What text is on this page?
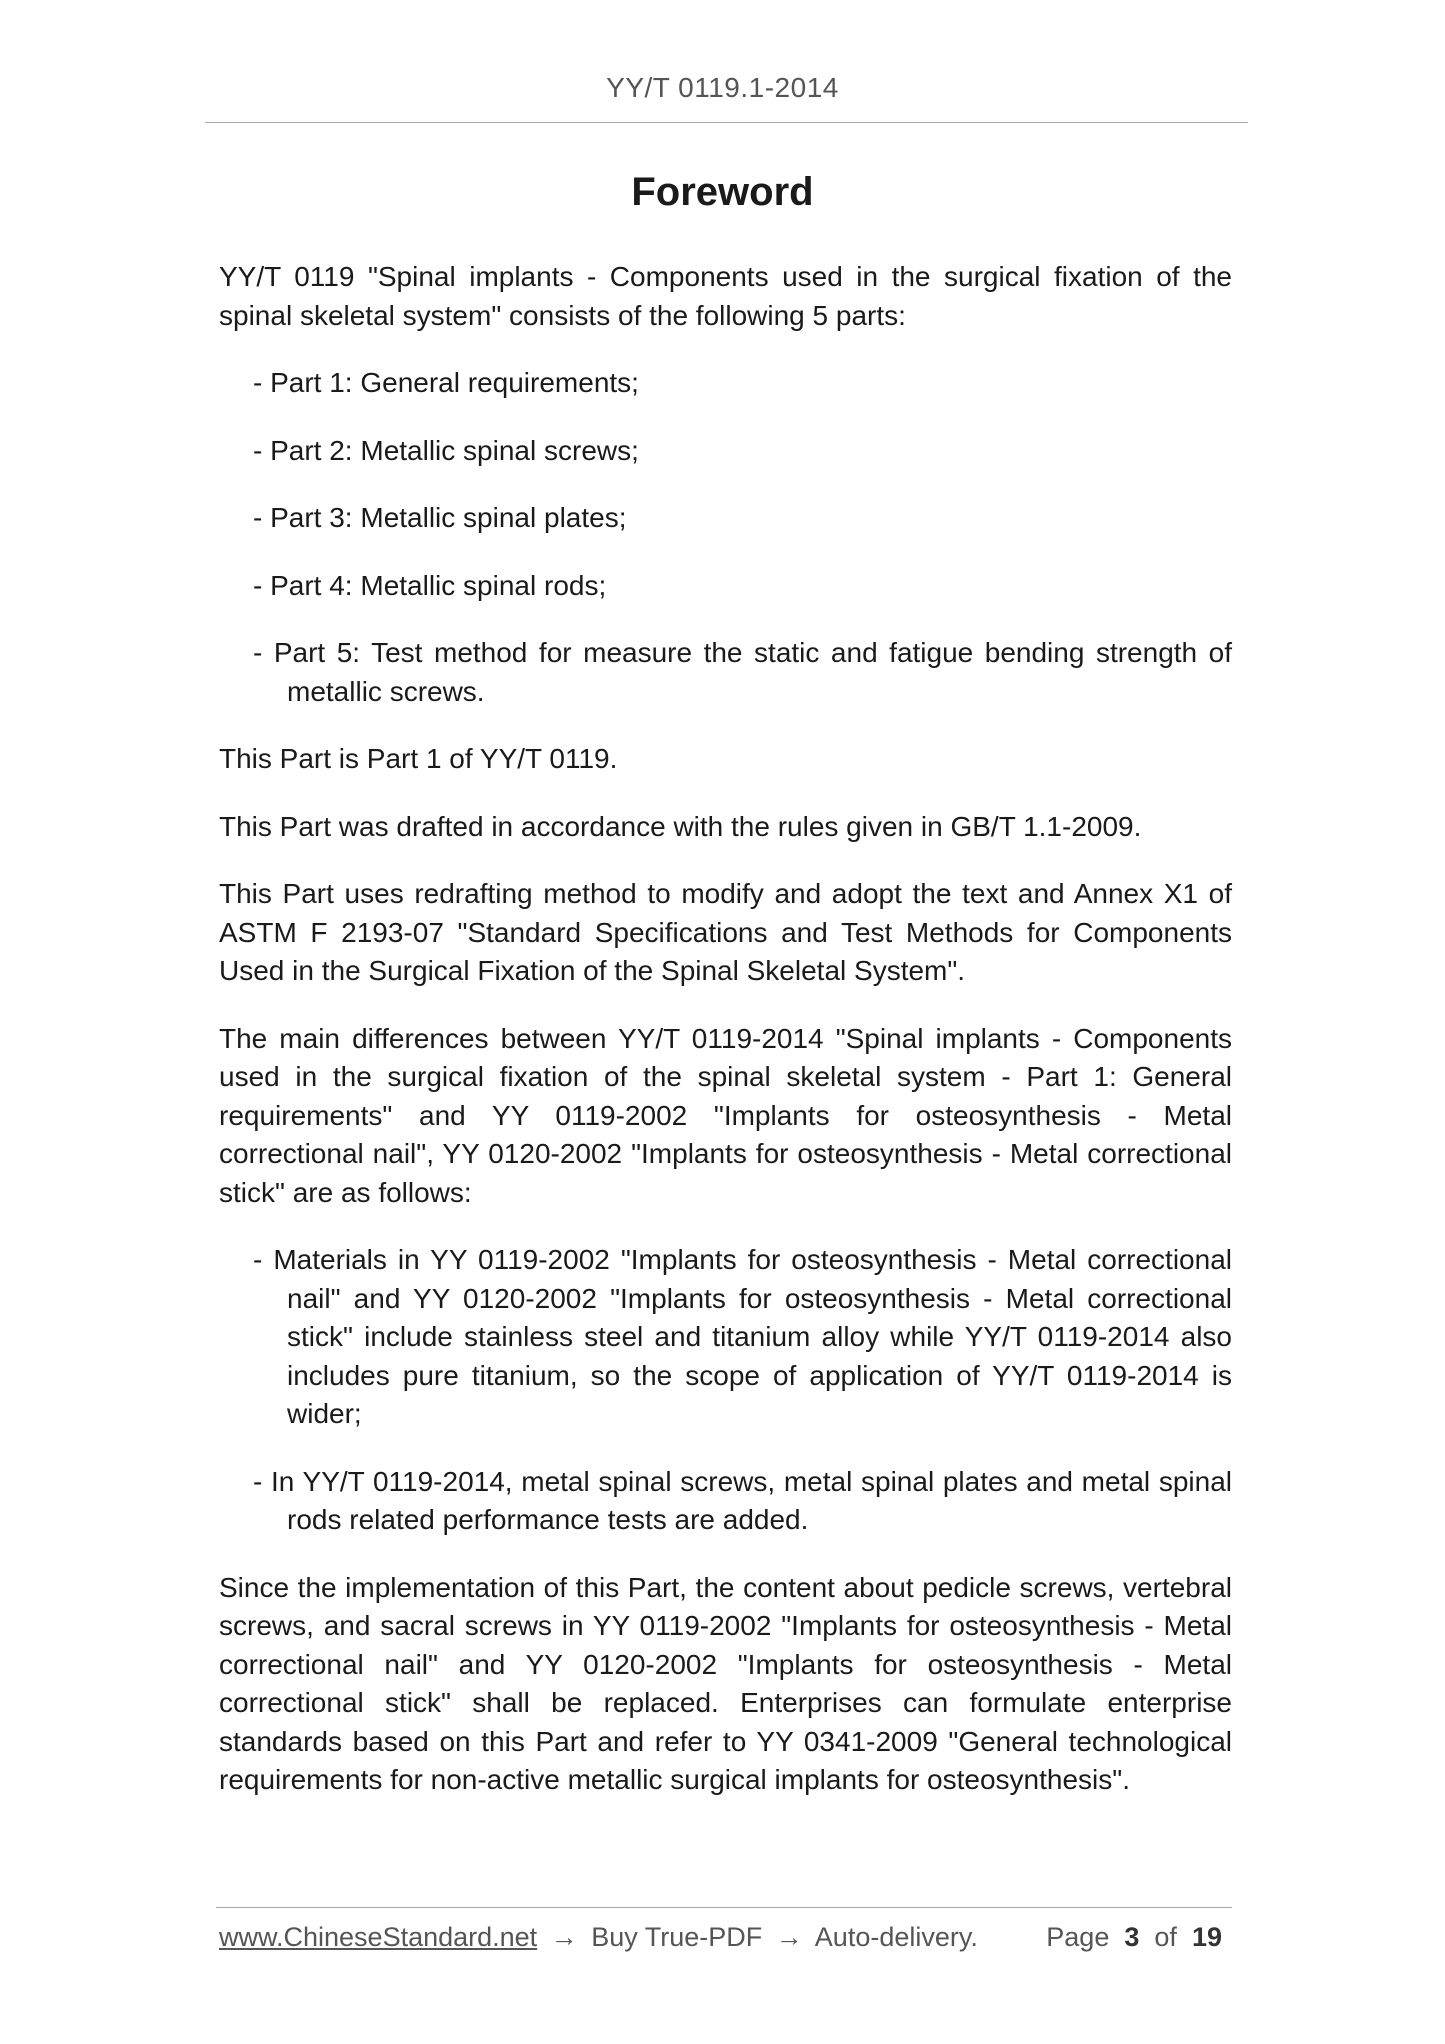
YY/T 0119.1-2014
Foreword

YY/T 0119 "Spinal implants - Components used in the surgical fixation of the spinal skeletal system" consists of the following 5 parts:

- Part 1: General requirements;

- Part 2: Metallic spinal screws;

- Part 3: Metallic spinal plates;

- Part 4: Metallic spinal rods;

- Part 5: Test method for measure the static and fatigue bending strength of metallic screws.

This Part is Part 1 of YY/T 0119.

This Part was drafted in accordance with the rules given in GB/T 1.1-2009.

This Part uses redrafting method to modify and adopt the text and Annex X1 of ASTM F 2193-07 "Standard Specifications and Test Methods for Components Used in the Surgical Fixation of the Spinal Skeletal System".

The main differences between YY/T 0119-2014 "Spinal implants - Components used in the surgical fixation of the spinal skeletal system - Part 1: General requirements" and YY 0119-2002 "Implants for osteosynthesis - Metal correctional nail", YY 0120-2002 "Implants for osteosynthesis - Metal correctional stick" are as follows:

- Materials in YY 0119-2002 "Implants for osteosynthesis - Metal correctional nail" and YY 0120-2002 "Implants for osteosynthesis - Metal correctional stick" include stainless steel and titanium alloy while YY/T 0119-2014 also includes pure titanium, so the scope of application of YY/T 0119-2014 is wider;

- In YY/T 0119-2014, metal spinal screws, metal spinal plates and metal spinal rods related performance tests are added.

Since the implementation of this Part, the content about pedicle screws, vertebral screws, and sacral screws in YY 0119-2002 "Implants for osteosynthesis - Metal correctional nail" and YY 0120-2002 "Implants for osteosynthesis - Metal correctional stick" shall be replaced. Enterprises can formulate enterprise standards based on this Part and refer to YY 0341-2009 "General technological requirements for non-active metallic surgical implants for osteosynthesis".

www.ChineseStandard.net → Buy True-PDF → Auto-delivery.	Page 3 of 19
